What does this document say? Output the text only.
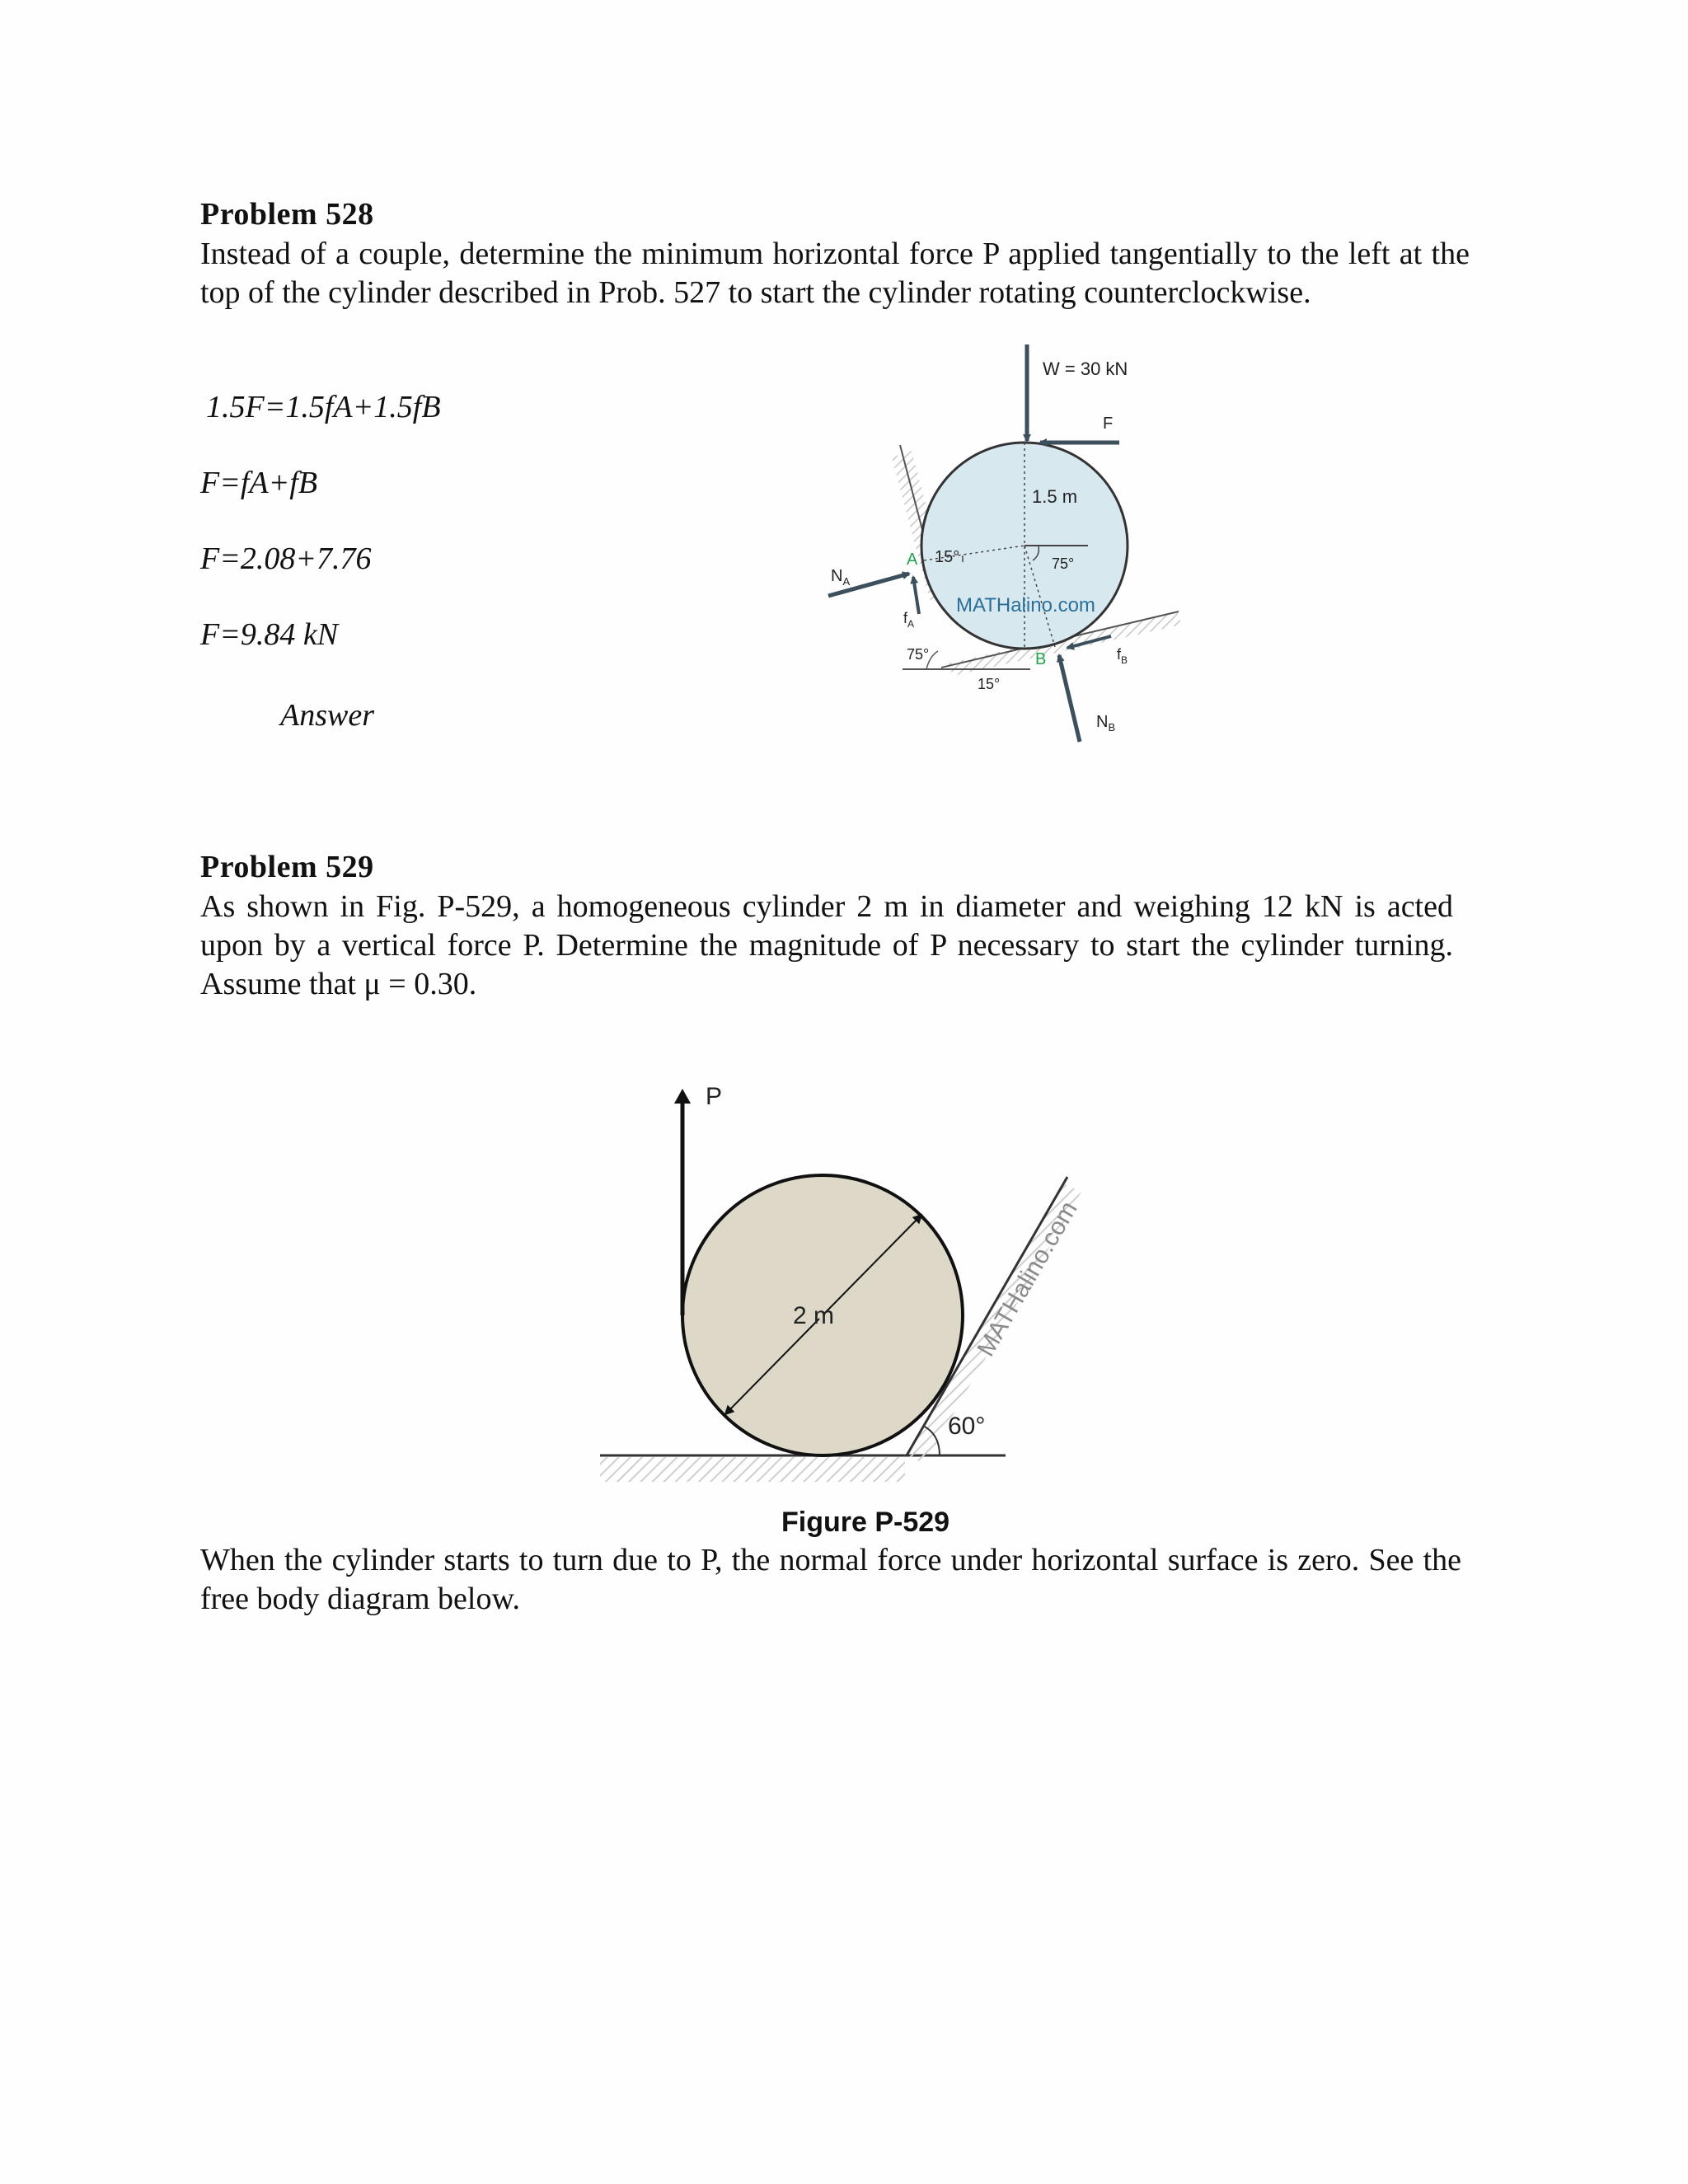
Problem 528
Instead of a couple, determine the minimum horizontal force P applied tangentially to the left at the top of the cylinder described in Prob. 527 to start the cylinder rotating counterclockwise.
1.5F=1.5fA+1.5fB
F=fA+fB
F=2.08+7.76
F=9.84 kN
Answer
W = 30 kN
F
1.5 m
$N_A$
A 15°	75°
MATHalino.com
$f_A$
75°
15°
B	$f_B$
$N_B$
Problem 529
As shown in Fig. P-529, a homogeneous cylinder 2 m in diameter and weighing 12 kN is acted upon by a vertical force P. Determine the magnitude of P necessary to start the cylinder turning. Assume that μ = 0.30.
P
2 m
60°
MATHalino.com
Figure P-529
When the cylinder starts to turn due to P, the normal force under horizontal surface is zero. See the free body diagram below.
